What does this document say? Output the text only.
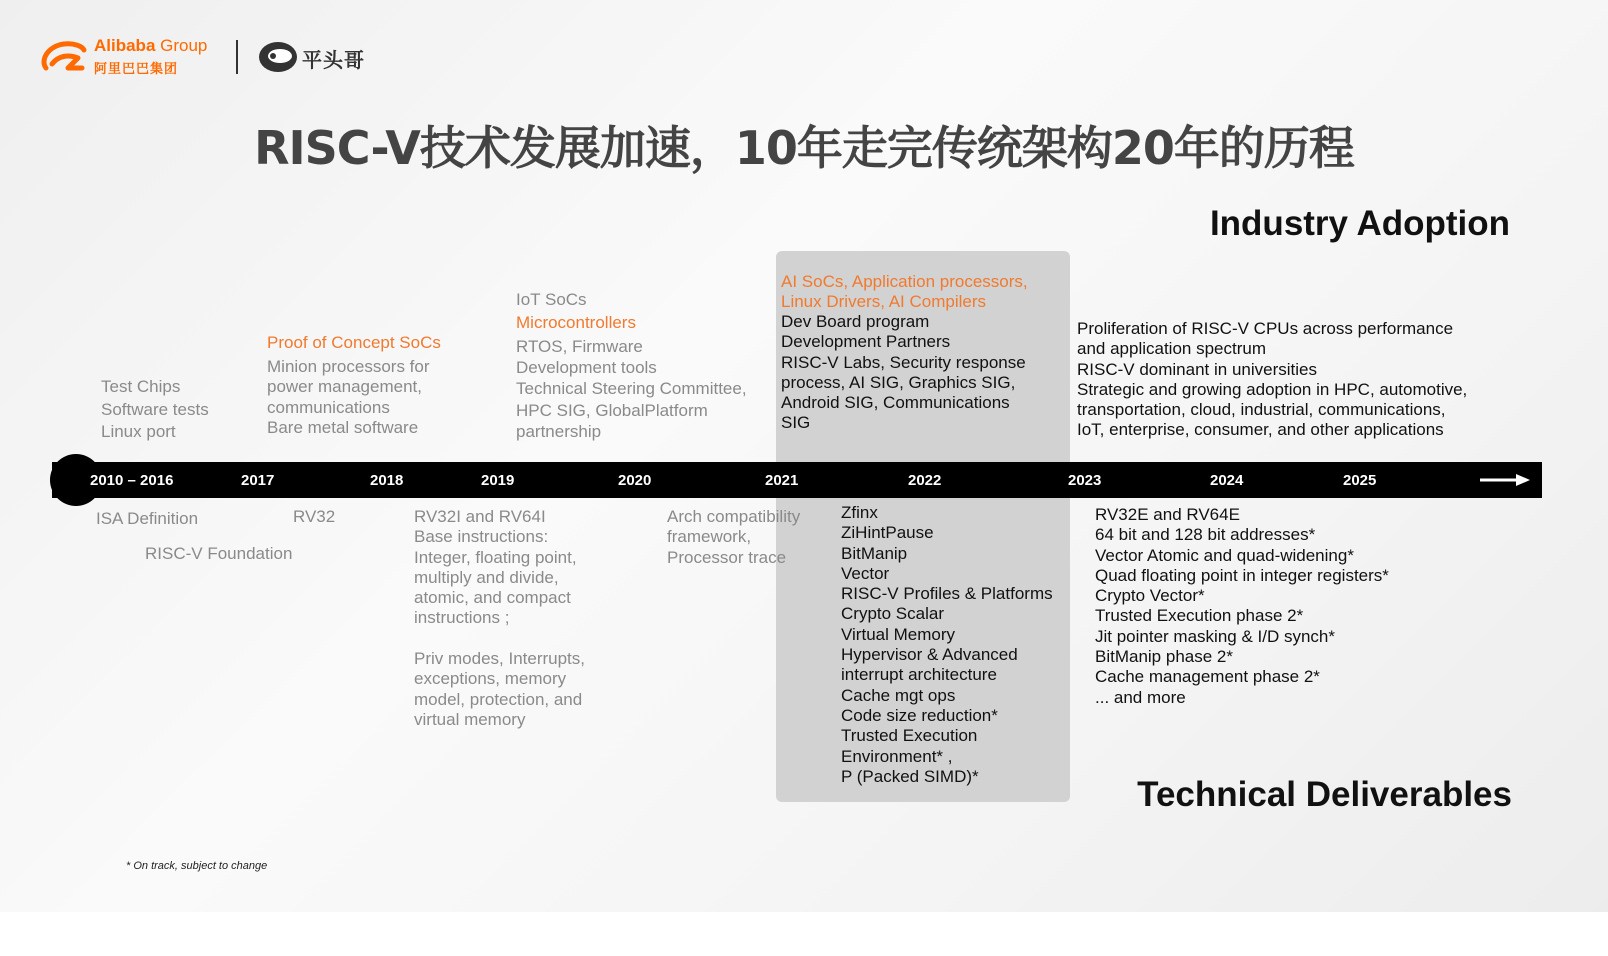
Alibaba Group
阿里巴巴集团	平头哥
RISC-V技术发展加速，10年走完传统架构20年的历程
Industry Adoption
Technical Deliverables
2010 – 2016	2017	2018	2019	2020	2021	2022	2023	2024	2025
Test Chips
Software tests
Linux port
Proof of Concept SoCs
Minion processors for
power management,
communications
Bare metal software
IoT SoCs
Microcontrollers
RTOS, Firmware
Development tools
Technical Steering Committee,
HPC SIG, GlobalPlatform
partnership
AI SoCs, Application processors,
Linux Drivers, AI Compilers
Dev Board program
Development Partners
RISC-V Labs, Security response
process, AI SIG, Graphics SIG,
Android SIG, Communications
SIG
Proliferation of RISC-V CPUs across performance
and application spectrum
RISC-V dominant in universities
Strategic and growing adoption in HPC, automotive,
transportation, cloud, industrial, communications,
IoT, enterprise, consumer, and other applications
ISA Definition
RISC-V Foundation
RV32	RV32I and RV64I
Base instructions:
Integer, floating point,
multiply and divide,
atomic, and compact
instructions ;

Priv modes, Interrupts,
exceptions, memory
model, protection, and
virtual memory
Arch compatibility
framework,
Processor trace
Zfinx
ZiHintPause
BitManip
Vector
RISC-V Profiles & Platforms
Crypto Scalar
Virtual Memory
Hypervisor & Advanced
interrupt architecture
Cache mgt ops
Code size reduction*
Trusted Execution
Environment* ,
P (Packed SIMD)*
RV32E and RV64E
64 bit and 128 bit addresses*
Vector Atomic and quad-widening*
Quad floating point in integer registers*
Crypto Vector*
Trusted Execution phase 2*
Jit pointer masking & I/D synch*
BitManip phase 2*
Cache management phase 2*
... and more
* On track, subject to change
